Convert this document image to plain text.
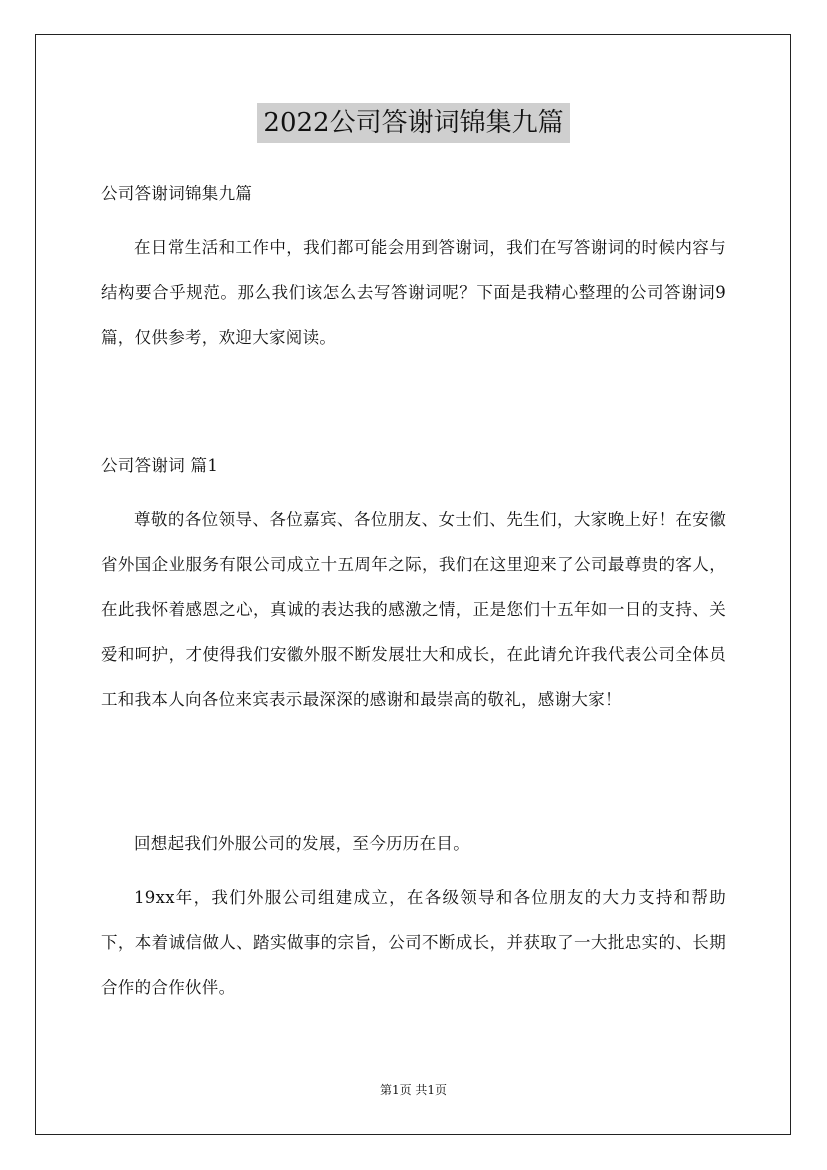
2022公司答谢词锦集九篇

公司答谢词锦集九篇

在日常生活和工作中，我们都可能会用到答谢词，我们在写答谢词的时候内容与结构要合乎规范。那么我们该怎么去写答谢词呢？下面是我精心整理的公司答谢词9篇，仅供参考，欢迎大家阅读。

公司答谢词 篇1

尊敬的各位领导、各位嘉宾、各位朋友、女士们、先生们，大家晚上好！在安徽省外国企业服务有限公司成立十五周年之际，我们在这里迎来了公司最尊贵的客人，在此我怀着感恩之心，真诚的表达我的感激之情，正是您们十五年如一日的支持、关爱和呵护，才使得我们安徽外服不断发展壮大和成长，在此请允许我代表公司全体员工和我本人向各位来宾表示最深深的感谢和最崇高的敬礼，感谢大家！

回想起我们外服公司的发展，至今历历在目。

19xx年，我们外服公司组建成立，在各级领导和各位朋友的大力支持和帮助下，本着诚信做人、踏实做事的宗旨，公司不断成长，并获取了一大批忠实的、长期合作的合作伙伴。

第1页 共1页
